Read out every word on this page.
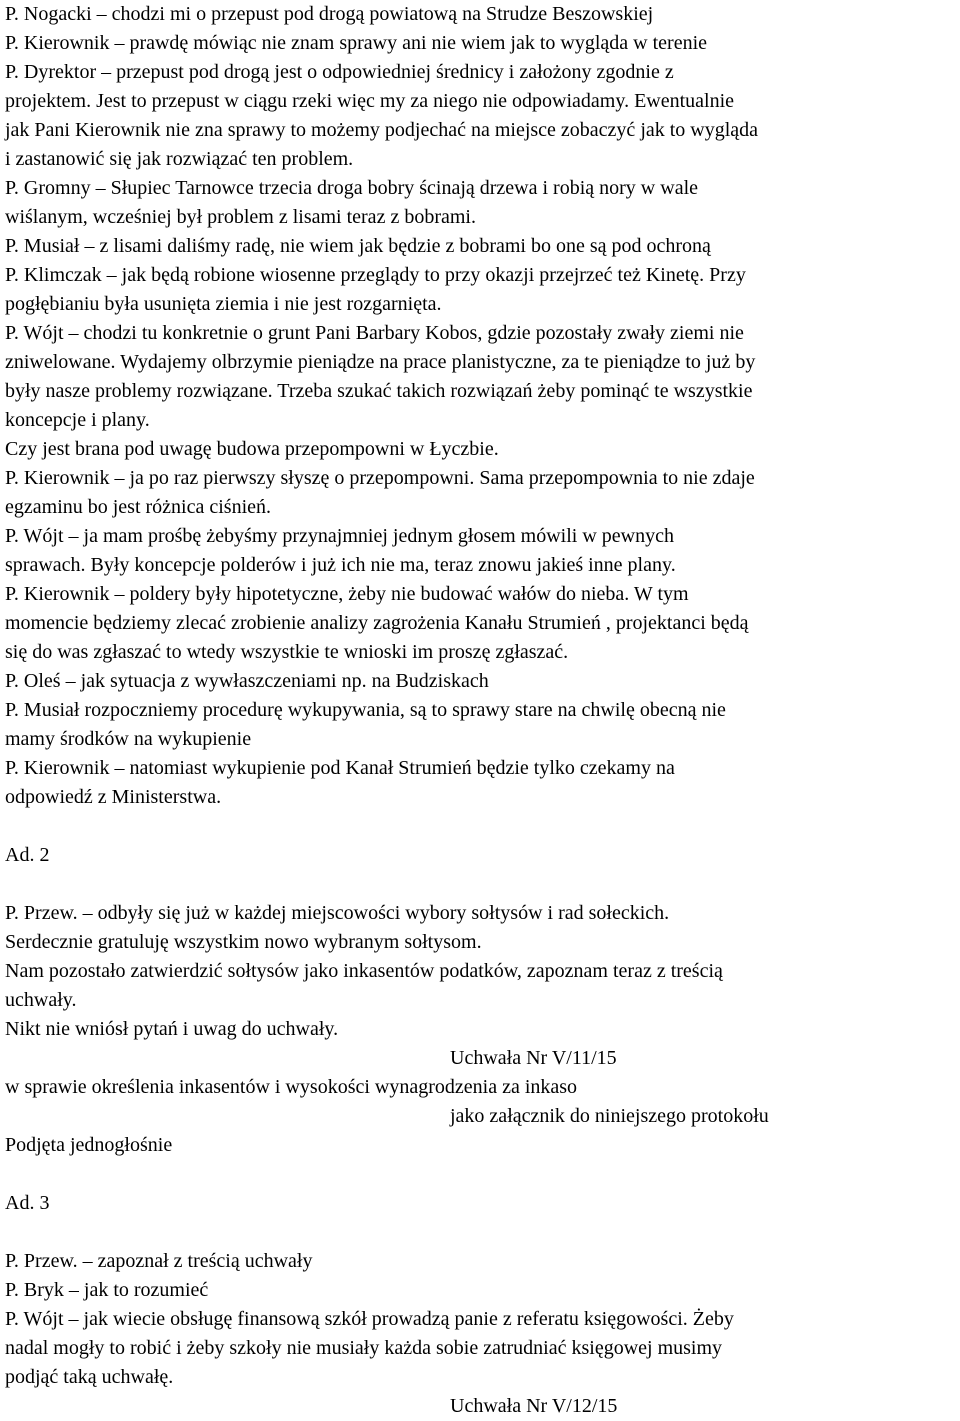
P. Nogacki – chodzi mi o przepust pod drogą powiatową na Strudze Beszowskiej
P. Kierownik – prawdę mówiąc nie znam sprawy ani nie wiem jak to wygląda w terenie
P. Dyrektor – przepust pod drogą jest o odpowiedniej średnicy i założony zgodnie z
projektem. Jest to przepust w ciągu rzeki więc my za niego nie odpowiadamy. Ewentualnie
jak Pani Kierownik nie zna sprawy to możemy podjechać na miejsce zobaczyć jak to wygląda
i zastanowić się jak rozwiązać ten problem.
P. Gromny – Słupiec Tarnowce trzecia droga bobry ścinają drzewa i robią nory w wale
wiślanym, wcześniej był problem z lisami teraz z bobrami.
P. Musiał – z lisami daliśmy radę, nie wiem jak będzie z bobrami bo one są pod ochroną
P. Klimczak – jak będą robione wiosenne przeglądy to przy okazji przejrzeć też Kinetę. Przy
pogłębianiu była usunięta ziemia i nie jest rozgarnięta.
P. Wójt – chodzi tu konkretnie o grunt Pani Barbary Kobos, gdzie pozostały zwały ziemi nie
zniwelowane. Wydajemy olbrzymie pieniądze na prace planistyczne, za te pieniądze to już by
były nasze problemy rozwiązane. Trzeba szukać takich rozwiązań żeby pominąć te wszystkie
koncepcje i plany.
Czy jest brana pod uwagę budowa przepompowni w Łyczbie.
P. Kierownik – ja po raz pierwszy słyszę o przepompowni. Sama przepompownia to nie zdaje
egzaminu bo jest różnica ciśnień.
P. Wójt – ja mam prośbę żebyśmy przynajmniej jednym głosem mówili w pewnych
sprawach. Były koncepcje polderów i już ich nie ma, teraz znowu jakieś inne plany.
P. Kierownik – poldery były hipotetyczne, żeby nie budować wałów do nieba. W tym
momencie będziemy zlecać zrobienie analizy zagrożenia Kanału Strumień , projektanci będą
się do was zgłaszać to wtedy wszystkie te wnioski im proszę zgłaszać.
P. Oleś – jak sytuacja z wywłaszczeniami np. na Budziskach
P. Musiał rozpoczniemy procedurę wykupywania, są to sprawy stare na chwilę obecną nie
mamy środków na wykupienie
P. Kierownik – natomiast wykupienie pod Kanał Strumień będzie tylko czekamy na
odpowiedź z Ministerstwa.
Ad. 2
P. Przew. – odbyły się już w każdej miejscowości wybory sołtysów i rad sołeckich.
Serdecznie gratuluję wszystkim nowo wybranym sołtysom.
Nam pozostało zatwierdzić sołtysów jako inkasentów podatków, zapoznam teraz z treścią
uchwały.
Nikt nie wniósł pytań i uwag do uchwały.
Uchwała Nr V/11/15
w sprawie określenia inkasentów i wysokości wynagrodzenia za inkaso
jako załącznik do niniejszego protokołu
Podjęta jednogłośnie
Ad. 3
P. Przew. – zapoznał z treścią uchwały
P. Bryk – jak to rozumieć
P. Wójt – jak wiecie obsługę finansową szkół prowadzą panie z referatu księgowości. Żeby
nadal mogły to robić i żeby szkoły nie musiały każda sobie zatrudniać księgowej musimy
podjąć taką uchwałę.
Uchwała Nr V/12/15
